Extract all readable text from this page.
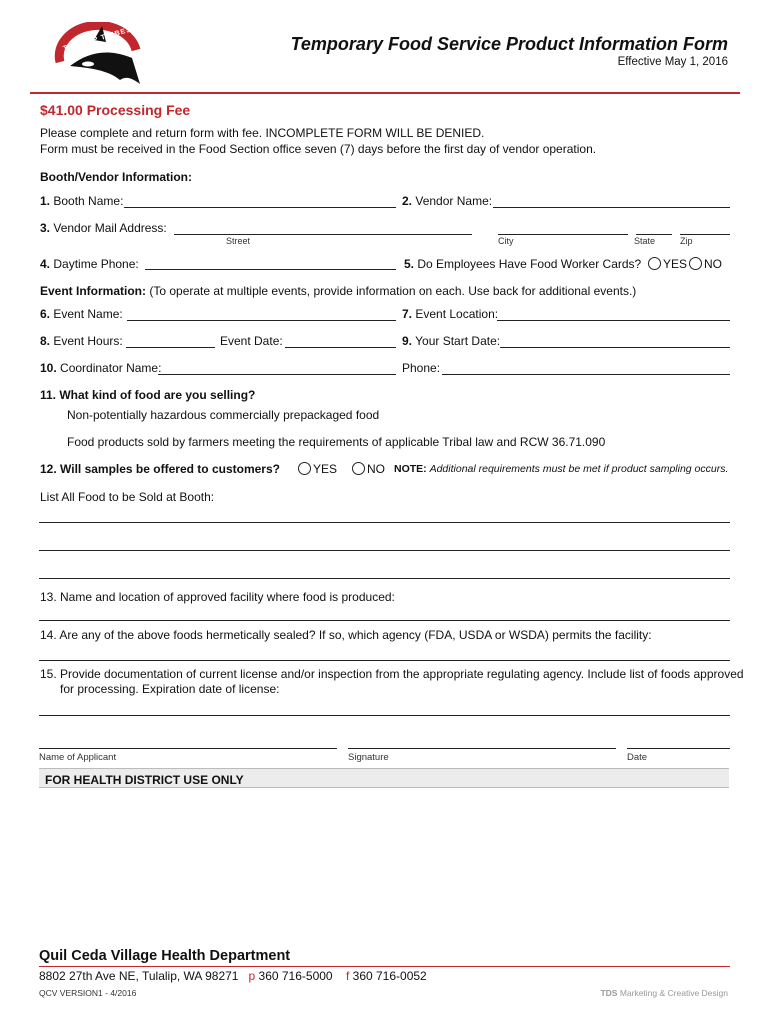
TULALIP TRIBES	Temporary Food Service Product Information Form
Effective May 1, 2016
$41.00 Processing Fee
Please complete and return form with fee. INCOMPLETE FORM WILL BE DENIED.
Form must be received in the Food Section office seven (7) days before the first day of vendor operation.
Booth/Vendor Information:
1. Booth Name:	2. Vendor Name:
3. Vendor Mail Address:
Street	City	State	Zip
4. Daytime Phone:	5. Do Employees Have Food Worker Cards?	YES	NO
Event Information: (To operate at multiple events, provide information on each. Use back for additional events.)
6. Event Name:	7. Event Location:
8. Event Hours:	Event Date:	9. Your Start Date:
10. Coordinator Name:	Phone:
11. What kind of food are you selling?
Non-potentially hazardous commercially prepackaged food
Food products sold by farmers meeting the requirements of applicable Tribal law and RCW 36.71.090
12. Will samples be offered to customers?	YES	NO NOTE: Additional requirements must be met if product sampling occurs.
List All Food to be Sold at Booth:
13. Name and location of approved facility where food is produced:
14. Are any of the above foods hermetically sealed? If so, which agency (FDA, USDA or WSDA) permits the facility:
15. Provide documentation of current license and/or inspection from the appropriate regulating agency. Include list of foods approved
for processing. Expiration date of license:
Name of Applicant	Signature	Date
FOR HEALTH DISTRICT USE ONLY
Quil Ceda Village Health Department
8802 27th Ave NE, Tulalip, WA 98271 p 360 716-5000 f 360 716-0052
QCV VERSION1 - 4/2016	TDS Marketing & Creative Design
